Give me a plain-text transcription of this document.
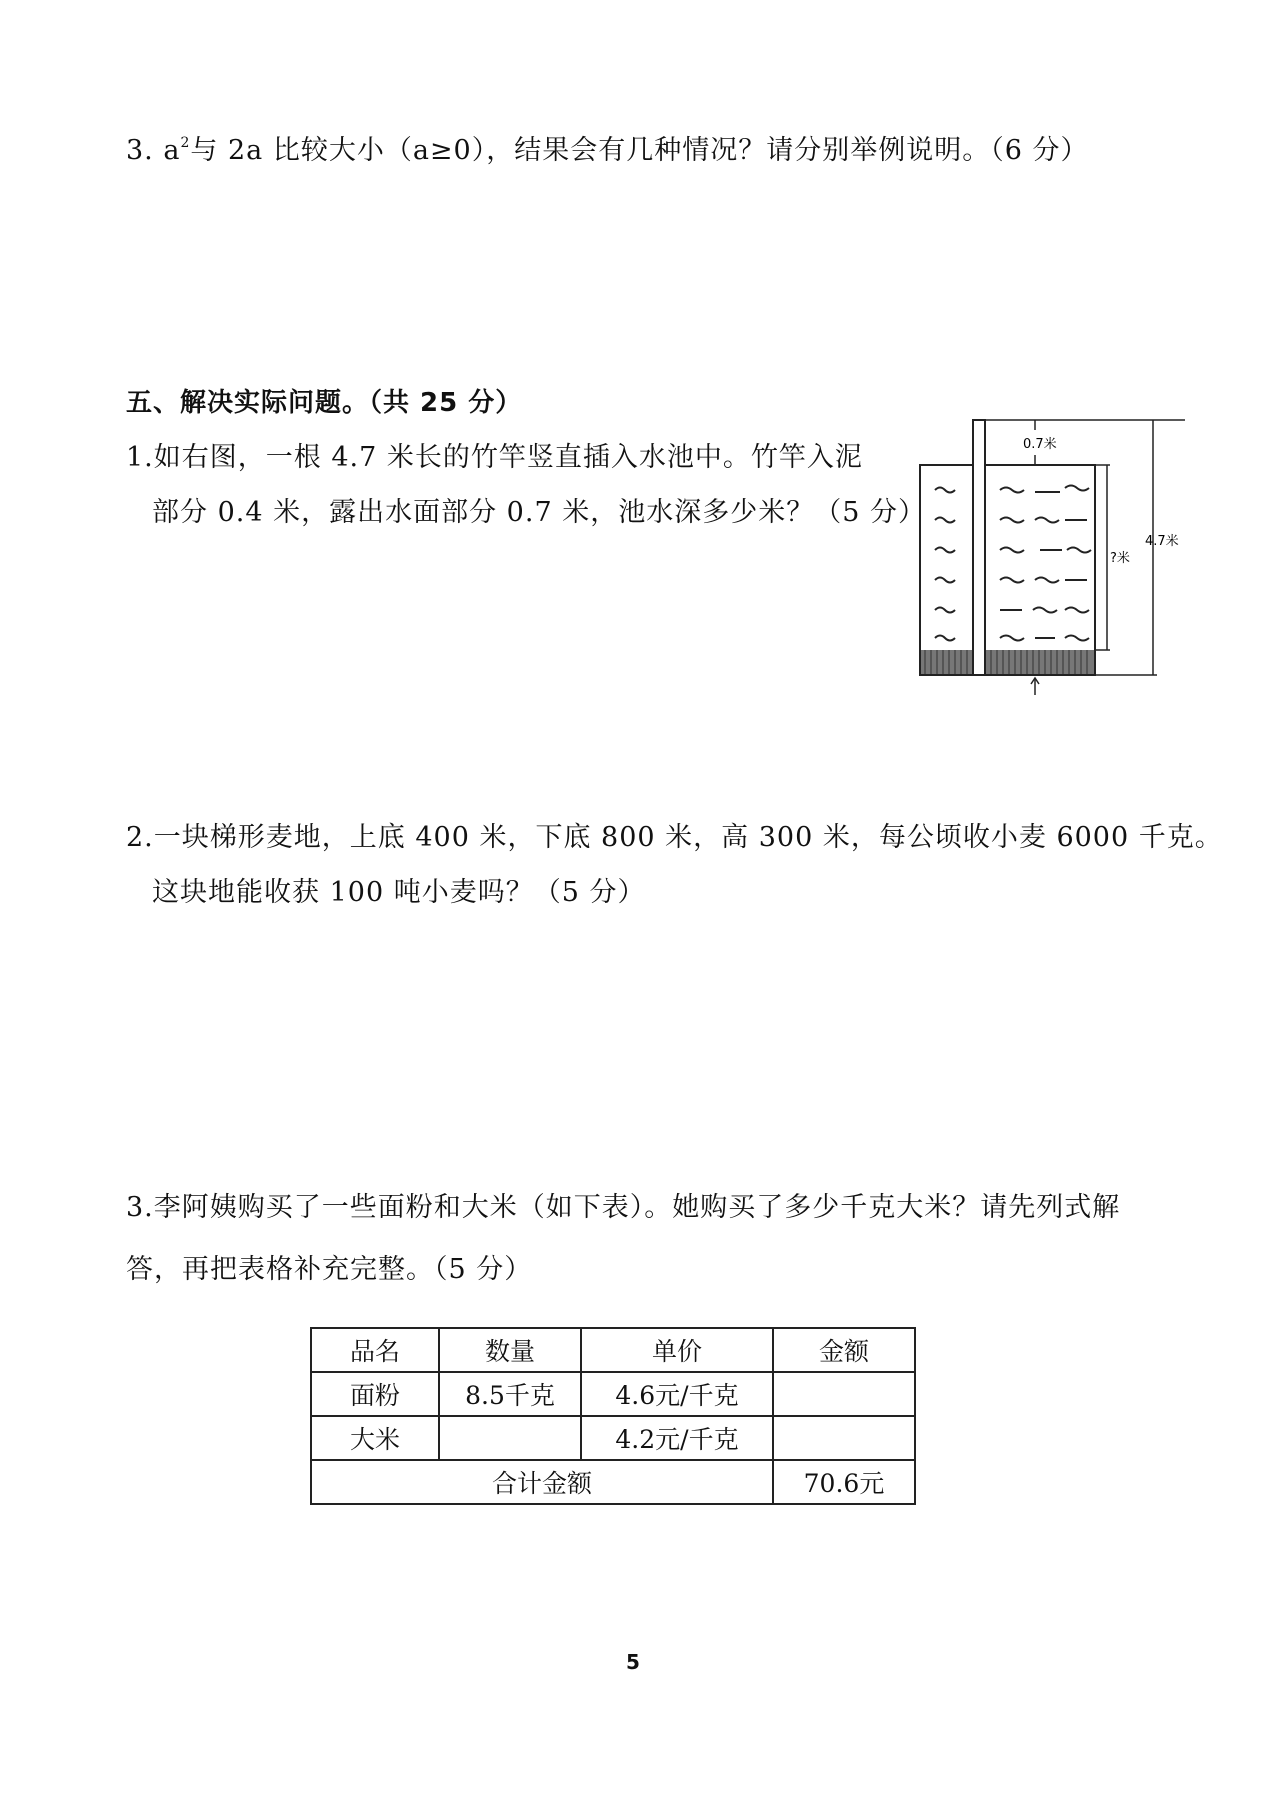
3. $a^2$与 2a 比较大小（a≥0），结果会有几种情况？请分别举例说明。（6 分）
五、解决实际问题。（共 25 分）
1.如右图，一根 4.7 米长的竹竿竖直插入水池中。竹竿入泥
部分 0.4 米，露出水面部分 0.7 米，池水深多少米？（5 分）
0.7米
?米
4.7米
2.一块梯形麦地，上底 400 米，下底 800 米，高 300 米，每公顷收小麦 6000 千克。
这块地能收获 100 吨小麦吗？（5 分）
3.李阿姨购买了一些面粉和大米（如下表）。她购买了多少千克大米？请先列式解
答，再把表格补充完整。（5 分）
品名	数量	单价	金额
面粉	8.5千克	4.6元/千克	
大米		4.2元/千克	
合计金额			70.6元
5
